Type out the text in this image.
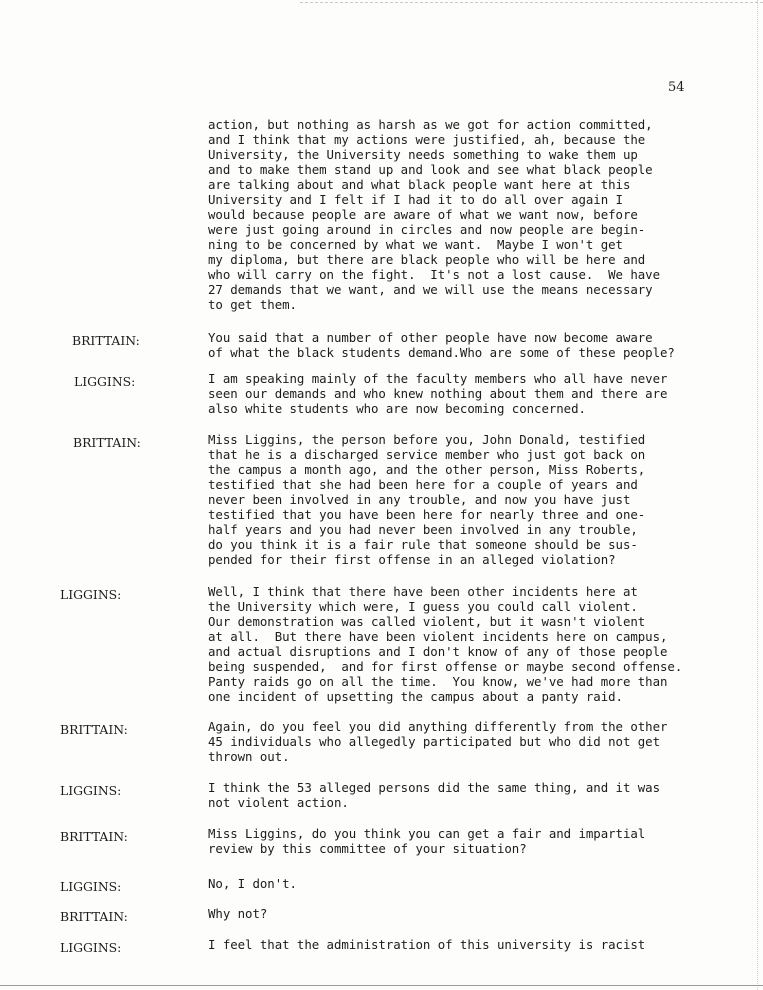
54
action, but nothing as harsh as we got for action committed,
and I think that my actions were justified, ah, because the
University, the University needs something to wake them up
and to make them stand up and look and see what black people
are talking about and what black people want here at this
University and I felt if I had it to do all over again I
would because people are aware of what we want now, before
were just going around in circles and now people are begin-
ning to be concerned by what we want.  Maybe I won't get
my diploma, but there are black people who will be here and
who will carry on the fight.  It's not a lost cause.  We have
27 demands that we want, and we will use the means necessary
to get them.
BRITTAIN:	You said that a number of other people have now become aware
of what the black students demand.Who are some of these people?
LIGGINS:	I am speaking mainly of the faculty members who all have never
seen our demands and who knew nothing about them and there are
also white students who are now becoming concerned.
BRITTAIN:	Miss Liggins, the person before you, John Donald, testified
that he is a discharged service member who just got back on
the campus a month ago, and the other person, Miss Roberts,
testified that she had been here for a couple of years and
never been involved in any trouble, and now you have just
testified that you have been here for nearly three and one-
half years and you had never been involved in any trouble,
do you think it is a fair rule that someone should be sus-
pended for their first offense in an alleged violation?
LIGGINS:	Well, I think that there have been other incidents here at
the University which were, I guess you could call violent.
Our demonstration was called violent, but it wasn't violent
at all.  But there have been violent incidents here on campus,
and actual disruptions and I don't know of any of those people
being suspended,  and for first offense or maybe second offense.
Panty raids go on all the time.  You know, we've had more than
one incident of upsetting the campus about a panty raid.
BRITTAIN:	Again, do you feel you did anything differently from the other
45 individuals who allegedly participated but who did not get
thrown out.
LIGGINS:	I think the 53 alleged persons did the same thing, and it was
not violent action.
BRITTAIN:	Miss Liggins, do you think you can get a fair and impartial
review by this committee of your situation?
LIGGINS:	No, I don't.
BRITTAIN:	Why not?
LIGGINS:	I feel that the administration of this university is racist
